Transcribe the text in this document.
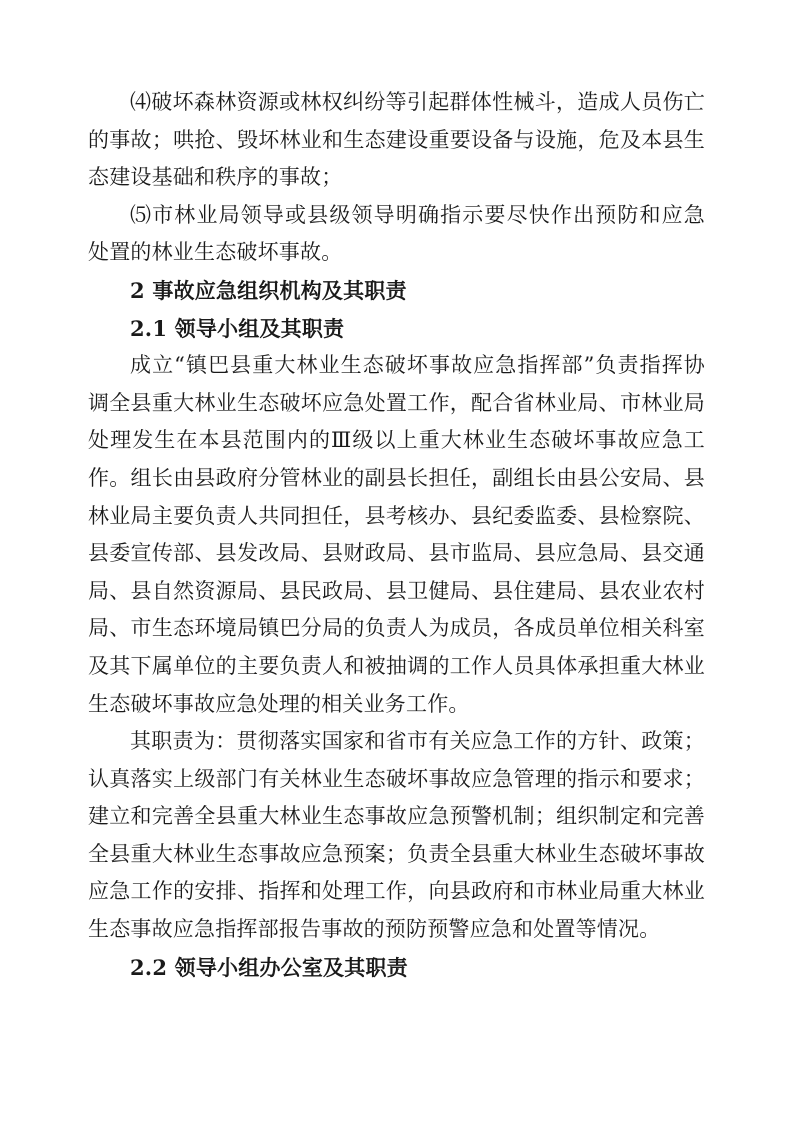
⑷破坏森林资源或林权纠纷等引起群体性械斗，造成人员伤亡
的事故；哄抢、毁坏林业和生态建设重要设备与设施，危及本县生
态建设基础和秩序的事故；
⑸市林业局领导或县级领导明确指示要尽快作出预防和应急
处置的林业生态破坏事故。
2 事故应急组织机构及其职责
2.1 领导小组及其职责
成立“镇巴县重大林业生态破坏事故应急指挥部”负责指挥协
调全县重大林业生态破坏应急处置工作，配合省林业局、市林业局
处理发生在本县范围内的Ⅲ级以上重大林业生态破坏事故应急工
作。组长由县政府分管林业的副县长担任，副组长由县公安局、县
林业局主要负责人共同担任，县考核办、县纪委监委、县检察院、
县委宣传部、县发改局、县财政局、县市监局、县应急局、县交通
局、县自然资源局、县民政局、县卫健局、县住建局、县农业农村
局、市生态环境局镇巴分局的负责人为成员，各成员单位相关科室
及其下属单位的主要负责人和被抽调的工作人员具体承担重大林业
生态破坏事故应急处理的相关业务工作。
其职责为：贯彻落实国家和省市有关应急工作的方针、政策；
认真落实上级部门有关林业生态破坏事故应急管理的指示和要求；
建立和完善全县重大林业生态事故应急预警机制；组织制定和完善
全县重大林业生态事故应急预案；负责全县重大林业生态破坏事故
应急工作的安排、指挥和处理工作，向县政府和市林业局重大林业
生态事故应急指挥部报告事故的预防预警应急和处置等情况。
2.2 领导小组办公室及其职责
